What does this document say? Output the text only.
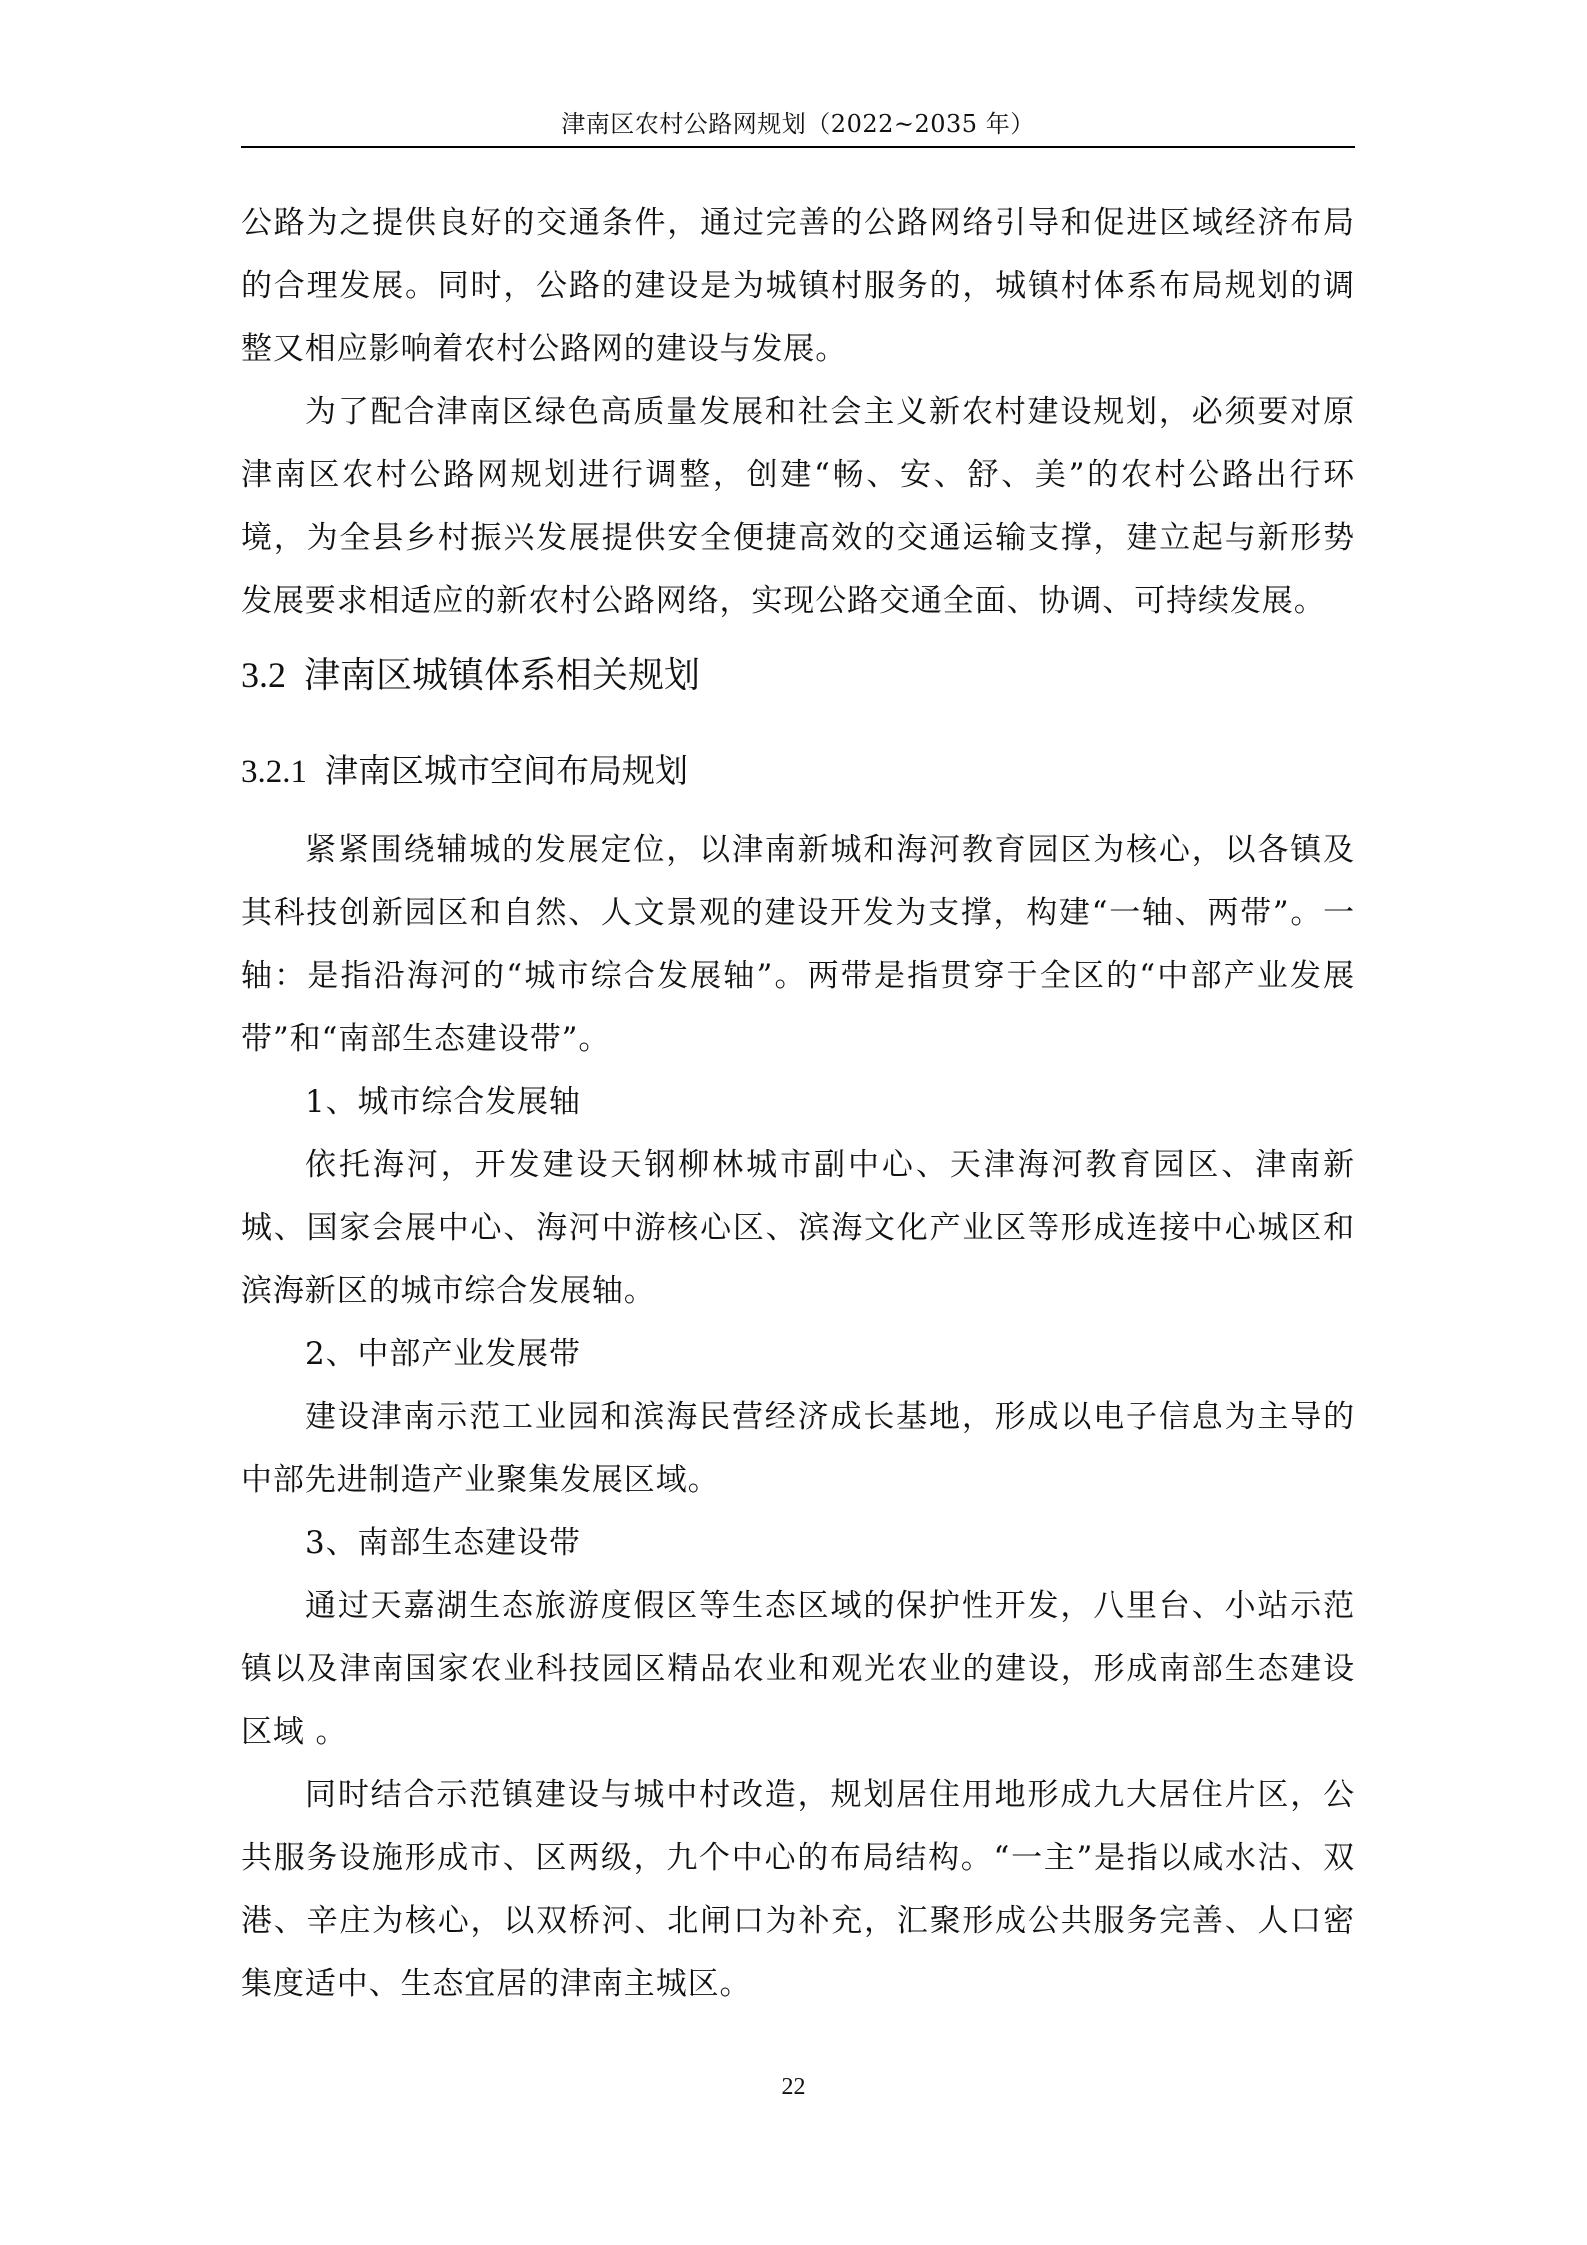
津南区农村公路网规划（2022~2035 年）

公路为之提供良好的交通条件，通过完善的公路网络引导和促进区域经济布局的合理发展。同时，公路的建设是为城镇村服务的，城镇村体系布局规划的调整又相应影响着农村公路网的建设与发展。

为了配合津南区绿色高质量发展和社会主义新农村建设规划，必须要对原津南区农村公路网规划进行调整，创建“畅、安、舒、美”的农村公路出行环境，为全县乡村振兴发展提供安全便捷高效的交通运输支撑，建立起与新形势发展要求相适应的新农村公路网络，实现公路交通全面、协调、可持续发展。

3.2 津南区城镇体系相关规划
3.2.1 津南区城市空间布局规划

紧紧围绕辅城的发展定位，以津南新城和海河教育园区为核心，以各镇及其科技创新园区和自然、人文景观的建设开发为支撑，构建“一轴、两带”。一轴：是指沿海河的“城市综合发展轴”。两带是指贯穿于全区的“中部产业发展带”和“南部生态建设带”。

1、城市综合发展轴

依托海河，开发建设天钢柳林城市副中心、天津海河教育园区、津南新城、国家会展中心、海河中游核心区、滨海文化产业区等形成连接中心城区和滨海新区的城市综合发展轴。

2、中部产业发展带

建设津南示范工业园和滨海民营经济成长基地，形成以电子信息为主导的中部先进制造产业聚集发展区域。

3、南部生态建设带

通过天嘉湖生态旅游度假区等生态区域的保护性开发，八里台、小站示范镇以及津南国家农业科技园区精品农业和观光农业的建设，形成南部生态建设区域 。

同时结合示范镇建设与城中村改造，规划居住用地形成九大居住片区，公共服务设施形成市、区两级，九个中心的布局结构。“一主”是指以咸水沽、双港、辛庄为核心，以双桥河、北闸口为补充，汇聚形成公共服务完善、人口密集度适中、生态宜居的津南主城区。

22
